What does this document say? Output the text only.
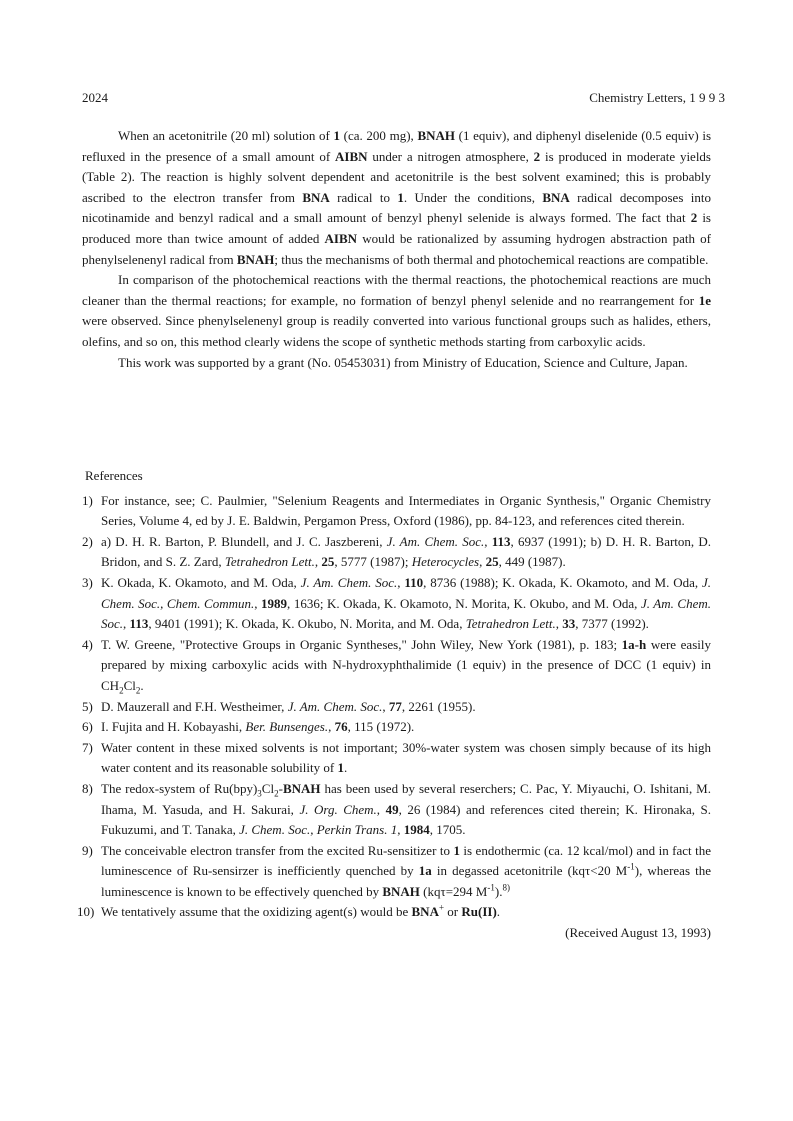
2024	Chemistry Letters, 1 9 9 3

When an acetonitrile (20 ml) solution of 1 (ca. 200 mg), BNAH (1 equiv), and diphenyl diselenide (0.5 equiv) is refluxed in the presence of a small amount of AIBN under a nitrogen atmosphere, 2 is produced in moderate yields (Table 2). The reaction is highly solvent dependent and acetonitrile is the best solvent examined; this is probably ascribed to the electron transfer from BNA radical to 1. Under the conditions, BNA radical decomposes into nicotinamide and benzyl radical and a small amount of benzyl phenyl selenide is always formed. The fact that 2 is produced more than twice amount of added AIBN would be rationalized by assuming hydrogen abstraction path of phenylselenenyl radical from BNAH; thus the mechanisms of both thermal and photochemical reactions are compatible.

In comparison of the photochemical reactions with the thermal reactions, the photochemical reactions are much cleaner than the thermal reactions; for example, no formation of benzyl phenyl selenide and no rearrangement for 1e were observed. Since phenylselenenyl group is readily converted into various functional groups such as halides, ethers, olefins, and so on, this method clearly widens the scope of synthetic methods starting from carboxylic acids.

This work was supported by a grant (No. 05453031) from Ministry of Education, Science and Culture, Japan.

References
1) For instance, see; C. Paulmier, "Selenium Reagents and Intermediates in Organic Synthesis," Organic Chemistry Series, Volume 4, ed by J. E. Baldwin, Pergamon Press, Oxford (1986), pp. 84-123, and references cited therein.
2) a) D. H. R. Barton, P. Blundell, and J. C. Jaszbereni, J. Am. Chem. Soc., 113, 6937 (1991); b) D. H. R. Barton, D. Bridon, and S. Z. Zard, Tetrahedron Lett., 25, 5777 (1987); Heterocycles, 25, 449 (1987).
3) K. Okada, K. Okamoto, and M. Oda, J. Am. Chem. Soc., 110, 8736 (1988); K. Okada, K. Okamoto, and M. Oda, J. Chem. Soc., Chem. Commun., 1989, 1636; K. Okada, K. Okamoto, N. Morita, K. Okubo, and M. Oda, J. Am. Chem. Soc., 113, 9401 (1991); K. Okada, K. Okubo, N. Morita, and M. Oda, Tetrahedron Lett., 33, 7377 (1992).
4) T. W. Greene, "Protective Groups in Organic Syntheses," John Wiley, New York (1981), p. 183; 1a-h were easily prepared by mixing carboxylic acids with N-hydroxyphthalimide (1 equiv) in the presence of DCC (1 equiv) in $CH_2Cl_2$.
5) D. Mauzerall and F.H. Westheimer, J. Am. Chem. Soc., 77, 2261 (1955).
6) I. Fujita and H. Kobayashi, Ber. Bunsenges., 76, 115 (1972).
7) Water content in these mixed solvents is not important; 30%-water system was chosen simply because of its high water content and its reasonable solubility of 1.
8) The redox-system of $Ru(bpy)_3Cl_2$-BNAH has been used by several reserchers; C. Pac, Y. Miyauchi, O. Ishitani, M. Ihama, M. Yasuda, and H. Sakurai, J. Org. Chem., 49, 26 (1984) and references cited therein; K. Hironaka, S. Fukuzumi, and T. Tanaka, J. Chem. Soc., Perkin Trans. 1, 1984, 1705.
9) The conceivable electron transfer from the excited Ru-sensitizer to 1 is endothermic (ca. 12 kcal/mol) and in fact the luminescence of Ru-sensirzer is inefficiently quenched by 1a in degassed acetonitrile (kqτ<20 $M^{-1}$), whereas the luminescence is known to be effectively quenched by BNAH (kqτ=294 $M^{-1}).^{8)}$
10) We tentatively assume that the oxidizing agent(s) would be BNA+ or Ru(II).
(Received August 13, 1993)
